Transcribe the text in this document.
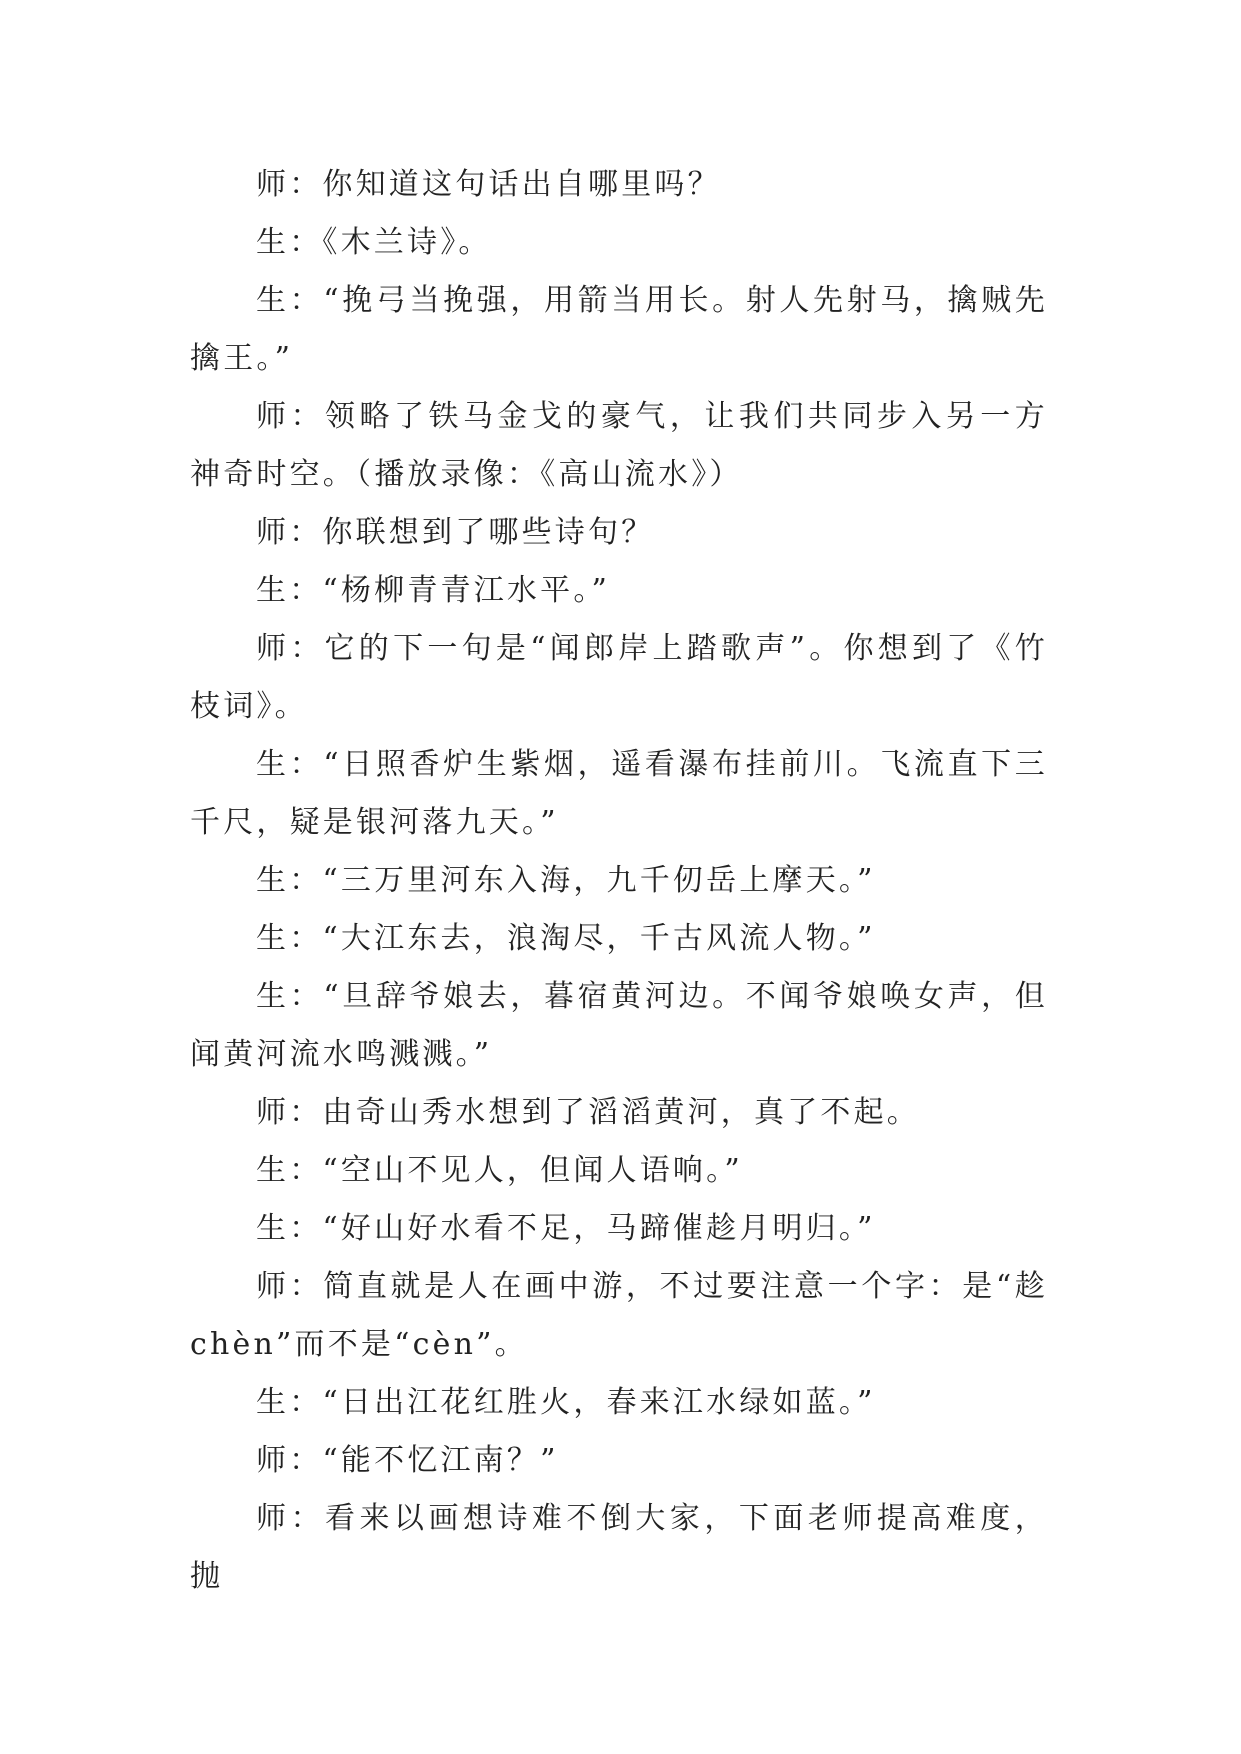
师：你知道这句话出自哪里吗？

生：《木兰诗》。

生：“挽弓当挽强，用箭当用长。射人先射马，擒贼先擒王。”

师：领略了铁马金戈的豪气，让我们共同步入另一方神奇时空。（播放录像：《高山流水》）

师：你联想到了哪些诗句？

生：“杨柳青青江水平。”

师：它的下一句是“闻郎岸上踏歌声”。你想到了《竹枝词》。

生：“日照香炉生紫烟，遥看瀑布挂前川。飞流直下三千尺，疑是银河落九天。”

生：“三万里河东入海，九千仞岳上摩天。”

生：“大江东去，浪淘尽，千古风流人物。”

生：“旦辞爷娘去，暮宿黄河边。不闻爷娘唤女声，但闻黄河流水鸣溅溅。”

师：由奇山秀水想到了滔滔黄河，真了不起。

生：“空山不见人，但闻人语响。”

生：“好山好水看不足，马蹄催趁月明归。”

师：简直就是人在画中游，不过要注意一个字：是“趁chèn”而不是“cèn”。

生：“日出江花红胜火，春来江水绿如蓝。”

师：“能不忆江南？”

师：看来以画想诗难不倒大家，下面老师提高难度，抛
